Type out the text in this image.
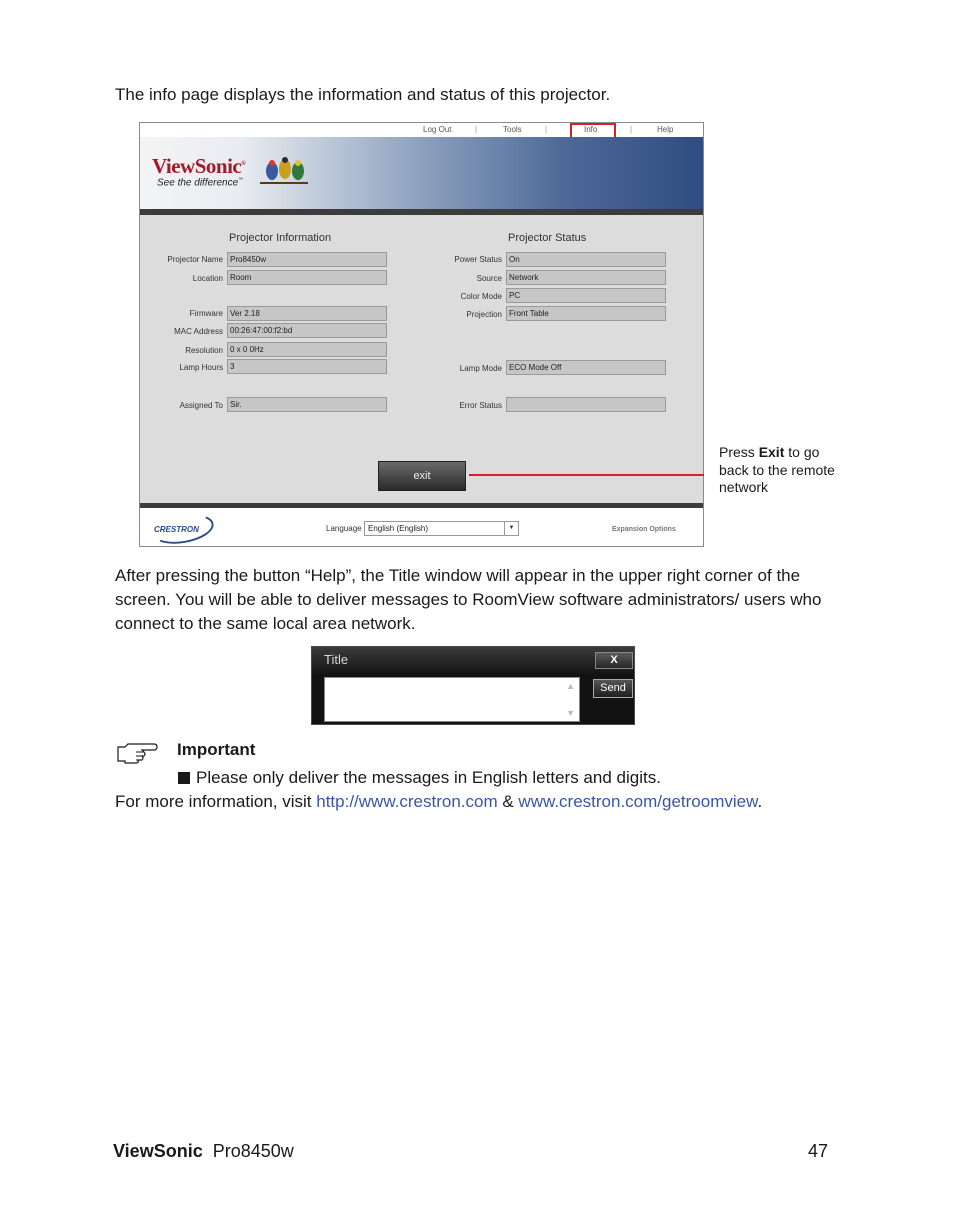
The info page displays the information and status of this projector.
Log Out	|	Tools	|	Info	|	Help
ViewSonic®
See the difference™
Projector Information	Projector Status
Projector Name Pro8450w
Location Room
Firmware Ver 2.18
MAC Address 00:26:47:00:f2:bd
Resolution 0 x 0 0Hz
Lamp Hours 3
Assigned To Sir.
Power Status On
Source Network
Color Mode PC
Projection Front Table
Lamp Mode ECO Mode Off
Error Status
exit
CRESTRON	Language English (English)	▼	Expansion Options
Press Exit to go back to the remote network
After pressing the button “Help”, the Title window will appear in the upper right corner of the screen. You will be able to deliver messages to RoomView software administrators/ users who connect to the same local area network.
Title	X
▲
▼
Send
Important
Please only deliver the messages in English letters and digits.
For more information, visit http://www.crestron.com & www.crestron.com/getroomview.
ViewSonic Pro8450w	47
